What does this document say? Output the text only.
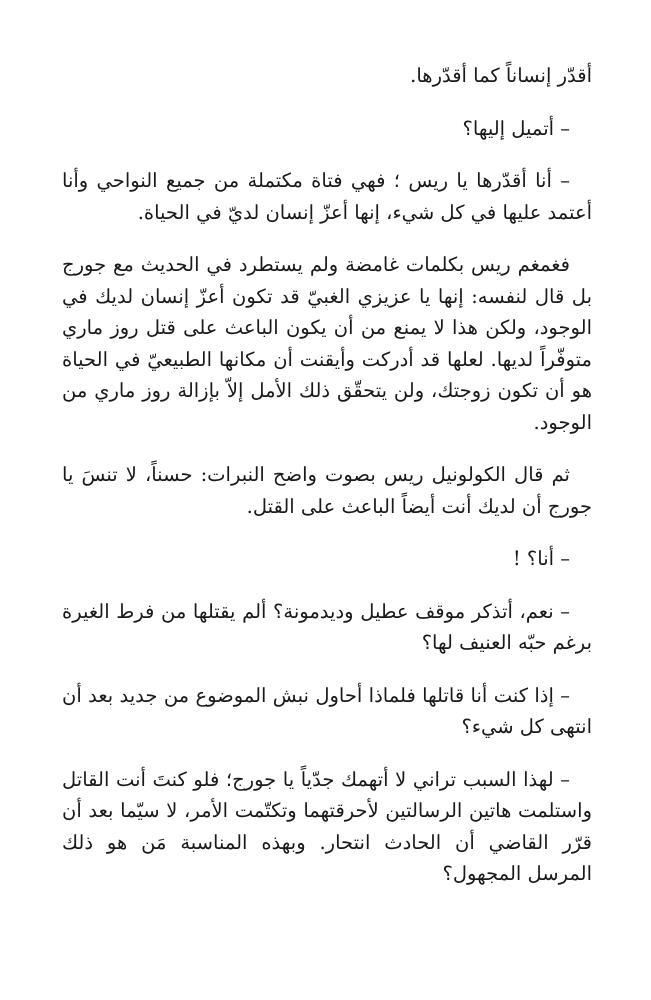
أقدّر إنساناً كما أقدّرها.

– أتميل إليها؟

– أنا أقدّرها يا ريس ؛ فهي فتاة مكتملة من جميع النواحي وأنا أعتمد عليها في كل شيء، إنها أعزّ إنسان لديّ في الحياة.

فغمغم ريس بكلمات غامضة ولم يستطرد في الحديث مع جورج بل قال لنفسه: إنها يا عزيزي الغبيّ قد تكون أعزّ إنسان لديك في الوجود، ولكن هذا لا يمنع من أن يكون الباعث على قتل روز ماري متوفّراً لديها. لعلها قد أدركت وأيقنت أن مكانها الطبيعيّ في الحياة هو أن تكون زوجتك، ولن يتحقّق ذلك الأمل إلاّ بإزالة روز ماري من الوجود.

ثم قال الكولونيل ريس بصوت واضح النبرات: حسناً، لا تنسَ يا جورج أن لديك أنت أيضاً الباعث على القتل.

– أنا؟ !

– نعم، أتذكر موقف عطيل وديدمونة؟ ألم يقتلها من فرط الغيرة برغم حبّه العنيف لها؟

– إذا كنت أنا قاتلها فلماذا أحاول نبش الموضوع من جديد بعد أن انتهى كل شيء؟

– لهذا السبب تراني لا أتهمك جدّياً يا جورج؛ فلو كنتَ أنت القاتل واستلمت هاتين الرسالتين لأحرقتهما وتكتّمت الأمر، لا سيّما بعد أن قرّر القاضي أن الحادث انتحار. وبهذه المناسبة مَن هو ذلك المرسل المجهول؟
